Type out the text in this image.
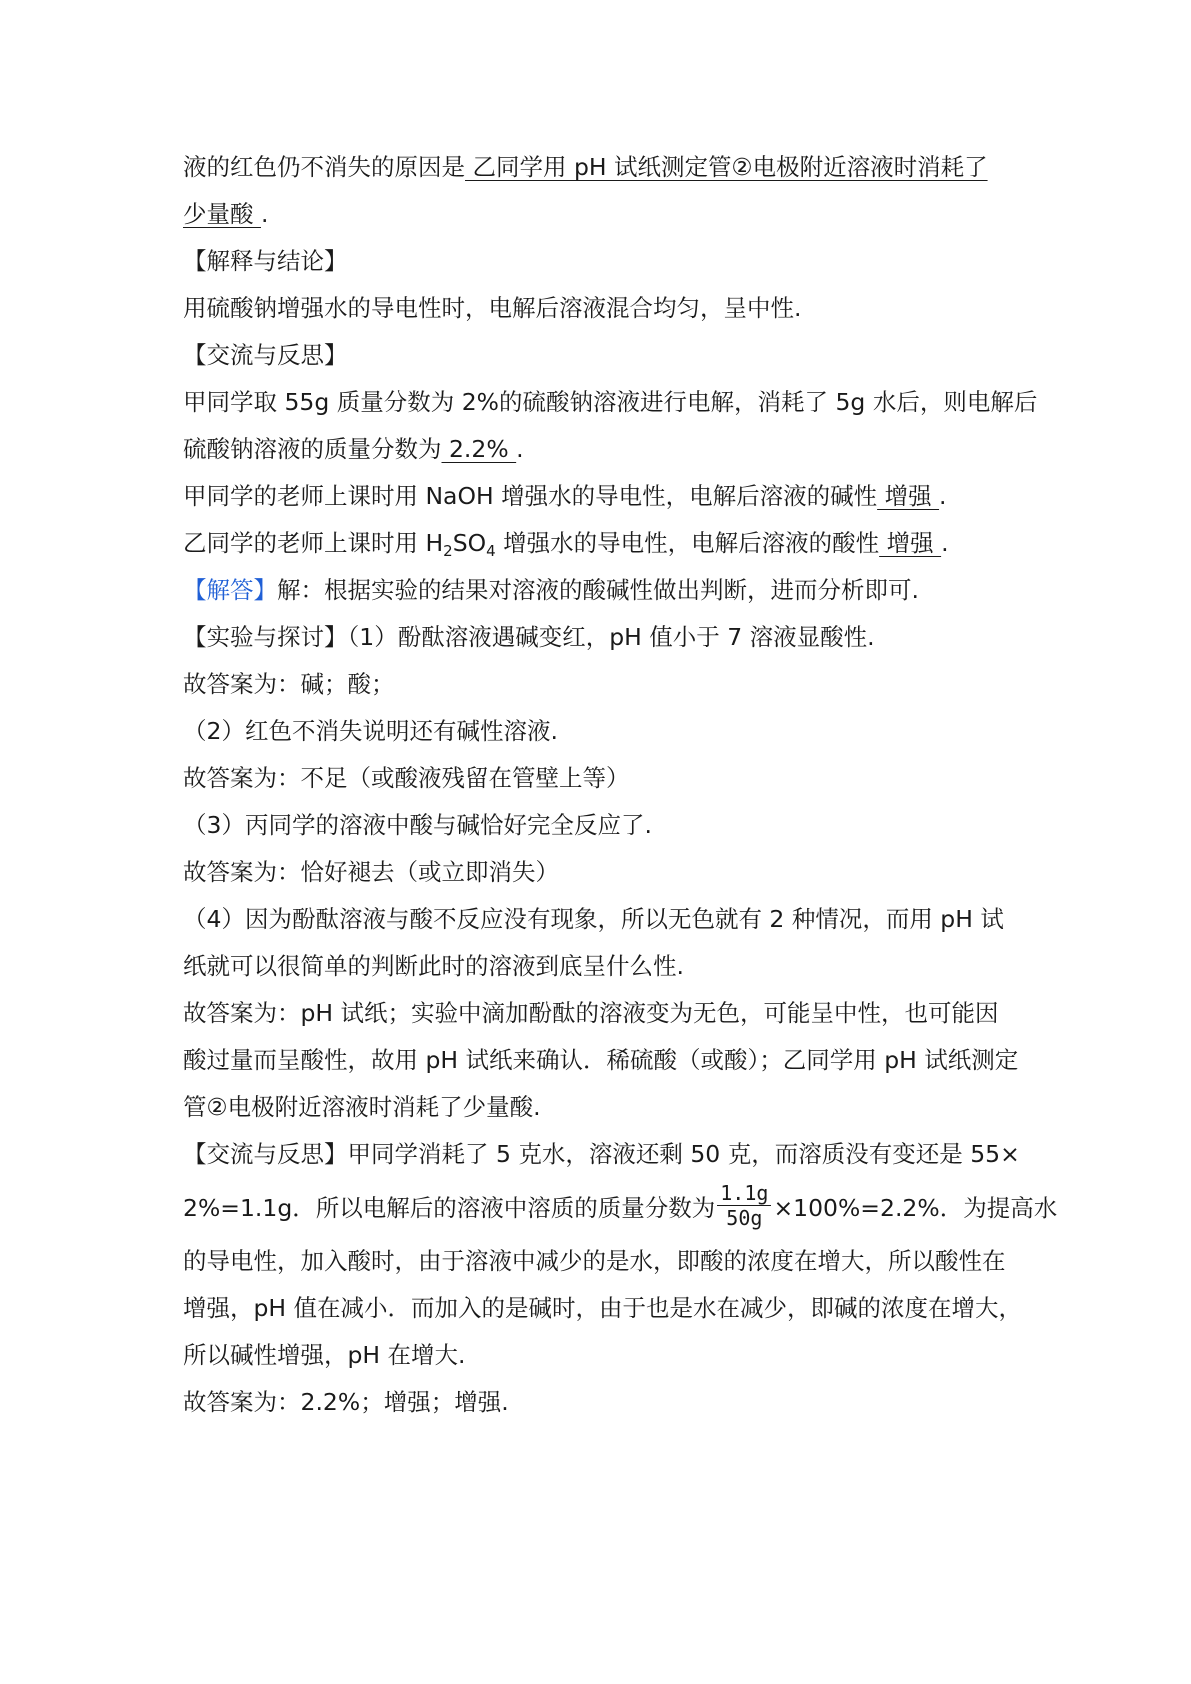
液的红色仍不消失的原因是 乙同学用 pH 试纸测定管②电极附近溶液时消耗了
少量酸 .
【解释与结论】
用硫酸钠增强水的导电性时，电解后溶液混合均匀，呈中性.
【交流与反思】
甲同学取 55g 质量分数为 2%的硫酸钠溶液进行电解，消耗了 5g 水后，则电解后
硫酸钠溶液的质量分数为 2.2% .
甲同学的老师上课时用 NaOH 增强水的导电性，电解后溶液的碱性 增强 .
乙同学的老师上课时用 $H_2SO_4$ 增强水的导电性，电解后溶液的酸性 增强 .
【解答】解：根据实验的结果对溶液的酸碱性做出判断，进而分析即可.
【实验与探讨】（1）酚酞溶液遇碱变红，pH 值小于 7 溶液显酸性.
故答案为：碱；酸；
（2）红色不消失说明还有碱性溶液.
故答案为：不足（或酸液残留在管壁上等）
（3）丙同学的溶液中酸与碱恰好完全反应了.
故答案为：恰好褪去（或立即消失）
（4）因为酚酞溶液与酸不反应没有现象，所以无色就有 2 种情况，而用 pH 试
纸就可以很简单的判断此时的溶液到底呈什么性.
故答案为：pH 试纸；实验中滴加酚酞的溶液变为无色，可能呈中性，也可能因
酸过量而呈酸性，故用 pH 试纸来确认．稀硫酸（或酸）；乙同学用 pH 试纸测定
管②电极附近溶液时消耗了少量酸.
【交流与反思】甲同学消耗了 5 克水，溶液还剩 50 克，而溶质没有变还是 55×
2%=1.1g．所以电解后的溶液中溶质的质量分数为 $\frac{1.1g}{50g} \times 100\%=2.2\%$．为提高水
的导电性，加入酸时，由于溶液中减少的是水，即酸的浓度在增大，所以酸性在
增强，pH 值在减小．而加入的是碱时，由于也是水在减少，即碱的浓度在增大，
所以碱性增强，pH 在增大.
故答案为：2.2%；增强；增强.
